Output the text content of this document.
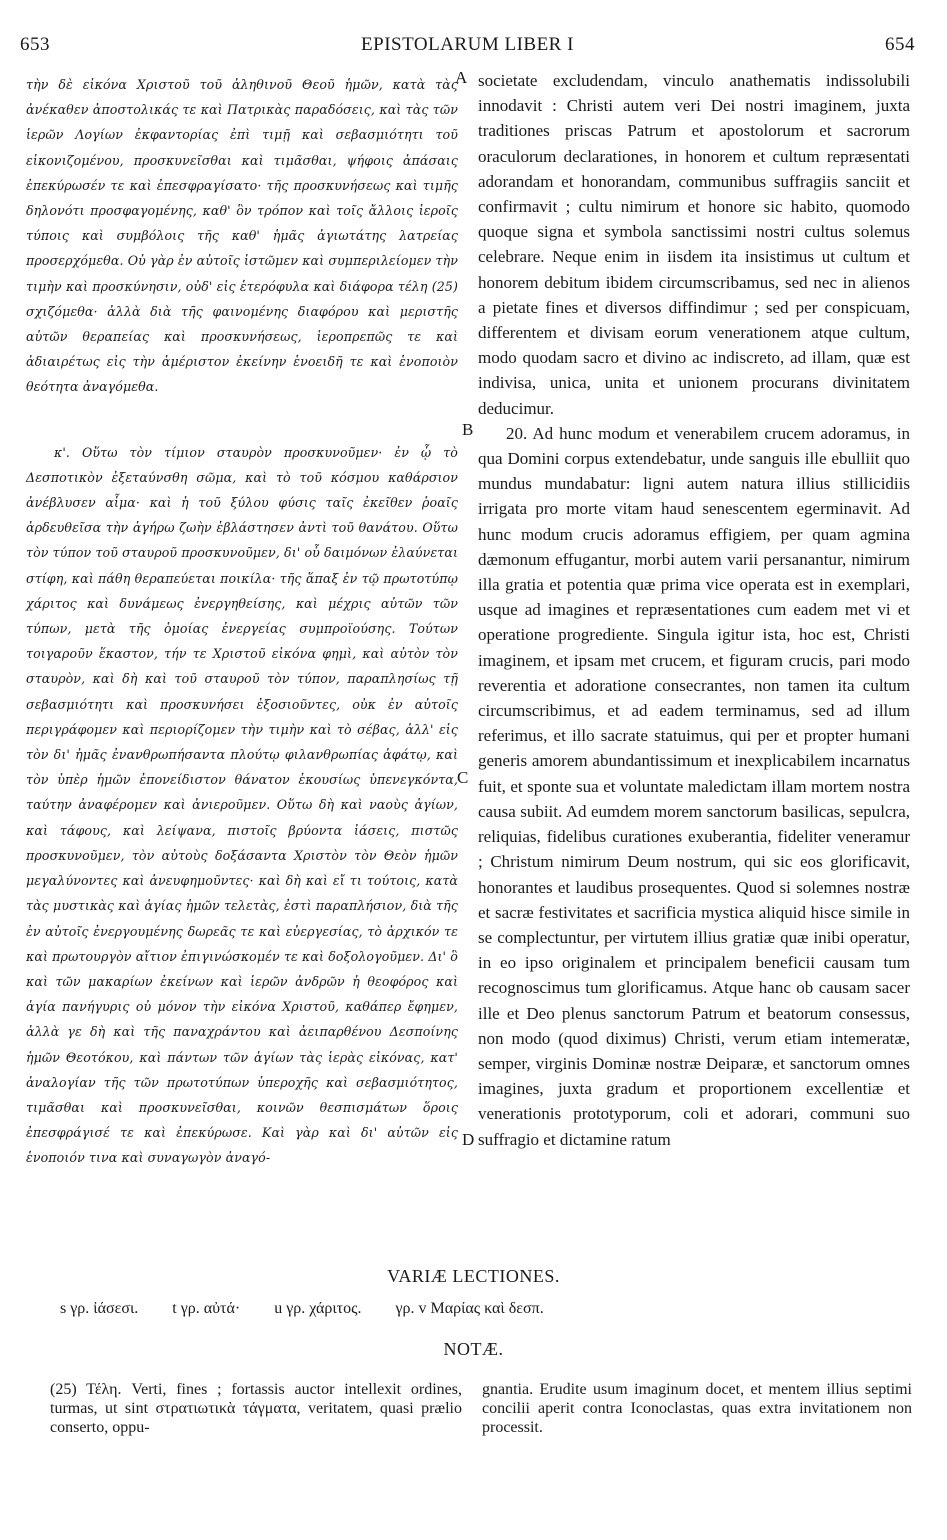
653	EPISTOLARUM LIBER I	654

τὴν δὲ εἰκόνα Χριστοῦ τοῦ ἀληθινοῦ Θεοῦ ἡμῶν, κατὰ τὰς ἀνέκαθεν ἀποστολικάς τε καὶ Πατρικὰς παραδόσεις, καὶ τὰς τῶν ἱερῶν Λογίων ἐκφαντορίας ἐπὶ τιμῇ καὶ σεβασμιότητι τοῦ εἰκονιζομένου, προσκυνεῖσθαι καὶ τιμᾶσθαι, ψήφοις ἁπάσαις ἐπεκύρωσέν τε καὶ ἐπεσφραγίσατο· τῆς προσκυνήσεως καὶ τιμῆς δηλονότι προσφαγομένης, καθ' ὃν τρόπον καὶ τοῖς ἄλλοις ἱεροῖς τύποις καὶ συμβόλοις τῆς καθ' ἡμᾶς ἁγιωτάτης λατρείας προσερχόμεθα. Οὐ γὰρ ἐν αὐτοῖς ἱστῶμεν καὶ συμπεριλείομεν τὴν τιμὴν καὶ προσκύνησιν, οὐδ' εἰς ἑτερόφυλα καὶ διάφορα τέλη (25) σχιζόμεθα· ἀλλὰ διὰ τῆς φαινομένης διαφόρου καὶ μεριστῆς αὐτῶν θεραπείας καὶ προσκυνήσεως, ἱεροπρεπῶς τε καὶ ἀδιαιρέτως εἰς τὴν ἀμέριστον ἐκείνην ἑνοειδῆ τε καὶ ἑνοποιὸν θεότητα ἀναγόμεθα.

κ'. Οὕτω τὸν τίμιον σταυρὸν προσκυνοῦμεν· ἐν ᾧ τὸ Δεσποτικὸν ἐξεταύνσθη σῶμα, καὶ τὸ τοῦ κόσμου καθάρσιον ἀνέβλυσεν αἷμα· καὶ ἡ τοῦ ξύλου φύσις ταῖς ἐκεῖθεν ῥοαῖς ἀρδευθεῖσα τὴν ἀγήρω ζωὴν ἐβλάστησεν ἀντὶ τοῦ θανάτου. Οὕτω τὸν τύπον τοῦ σταυροῦ προσκυνοῦμεν, δι' οὗ δαιμόνων ἐλαύνεται στίφη, καὶ πάθη θεραπεύεται ποικίλα· τῆς ἅπαξ ἐν τῷ πρωτοτύπῳ χάριτος καὶ δυνάμεως ἐνεργηθείσης, καὶ μέχρις αὐτῶν τῶν τύπων, μετὰ τῆς ὁμοίας ἐνεργείας συμπροϊούσης. Τούτων τοιγαροῦν ἕκαστον, τήν τε Χριστοῦ εἰκόνα φημὶ, καὶ αὐτὸν τὸν σταυρὸν, καὶ δὴ καὶ τοῦ σταυροῦ τὸν τύπον, παραπλησίως τῇ σεβασμιότητι καὶ προσκυνήσει ἐξοσιοῦντες, οὐκ ἐν αὐτοῖς περιγράφομεν καὶ περιορίζομεν τὴν τιμὴν καὶ τὸ σέβας, ἀλλ' εἰς τὸν δι' ἡμᾶς ἐνανθρωπήσαντα πλούτῳ φιλανθρωπίας ἀφάτῳ, καὶ τὸν ὑπὲρ ἡμῶν ἐπονείδιστον θάνατον ἑκουσίως ὑπενεγκόντα, ταύτην ἀναφέρομεν καὶ ἀνιεροῦμεν. Οὕτω δὴ καὶ ναοὺς ἁγίων, καὶ τάφους, καὶ λείψανα, πιστοῖς βρύοντα ἰάσεις, πιστῶς προσκυνοῦμεν, τὸν αὐτοὺς δοξάσαντα Χριστὸν τὸν Θεὸν ἡμῶν μεγαλύνοντες καὶ ἀνευφημοῦντες· καὶ δὴ καὶ εἴ τι τούτοις, κατὰ τὰς μυστικὰς καὶ ἁγίας ἡμῶν τελετὰς, ἐστὶ παραπλήσιον, διὰ τῆς ἐν αὐτοῖς ἐνεργουμένης δωρεᾶς τε καὶ εὐεργεσίας, τὸ ἀρχικόν τε καὶ πρωτουργὸν αἴτιον ἐπιγινώσκομέν τε καὶ δοξολογοῦμεν. Δι' ὃ καὶ τῶν μακαρίων ἐκείνων καὶ ἱερῶν ἀνδρῶν ἡ θεοφόρος καὶ ἁγία πανήγυρις οὐ μόνον τὴν εἰκόνα Χριστοῦ, καθάπερ ἔφημεν, ἀλλὰ γε δὴ καὶ τῆς παναχράντου καὶ ἀειπαρθένου Δεσποίνης ἡμῶν Θεοτόκου, καὶ πάντων τῶν ἁγίων τὰς ἱερὰς εἰκόνας, κατ' ἀναλογίαν τῆς τῶν πρωτοτύπων ὑπεροχῆς καὶ σεβασμιότητος, τιμᾶσθαι καὶ προσκυνεῖσθαι, κοινῶν θεσπισμάτων ὅροις ἐπεσφράγισέ τε καὶ ἐπεκύρωσε. Καὶ γὰρ καὶ δι' αὐτῶν εἰς ἑνοποιόν τινα καὶ συναγωγὸν ἀναγό-

A
B
C
D

societate excludendam, vinculo anathematis indissolubili innodavit : Christi autem veri Dei nostri imaginem, juxta traditiones priscas Patrum et apostolorum et sacrorum oraculorum declarationes, in honorem et cultum repræsentati adorandam et honorandam, communibus suffragiis sanciit et confirmavit ; cultu nimirum et honore sic habito, quomodo quoque signa et symbola sanctissimi nostri cultus solemus celebrare. Neque enim in iisdem ita insistimus ut cultum et honorem debitum ibidem circumscribamus, sed nec in alienos a pietate fines et diversos diffindimur ; sed per conspicuam, differentem et divisam eorum venerationem atque cultum, modo quodam sacro et divino ac indiscreto, ad illam, quæ est indivisa, unica, unita et unionem procurans divinitatem deducimur.

20. Ad hunc modum et venerabilem crucem adoramus, in qua Domini corpus extendebatur, unde sanguis ille ebulliit quo mundus mundabatur: ligni autem natura illius stillicidiis irrigata pro morte vitam haud senescentem egerminavit. Ad hunc modum crucis adoramus effigiem, per quam agmina dæmonum effugantur, morbi autem varii persanantur, nimirum illa gratia et potentia quæ prima vice operata est in exemplari, usque ad imagines et repræsentationes cum eadem met vi et operatione progrediente. Singula igitur ista, hoc est, Christi imaginem, et ipsam met crucem, et figuram crucis, pari modo reverentia et adoratione consecrantes, non tamen ita cultum circumscribimus, et ad eadem terminamus, sed ad illum referimus, et illo sacrate statuimus, qui per et propter humani generis amorem abundantissimum et inexplicabilem incarnatus fuit, et sponte sua et voluntate maledictam illam mortem nostra causa subiit. Ad eumdem morem sanctorum basilicas, sepulcra, reliquias, fidelibus curationes exuberantia, fideliter veneramur ; Christum nimirum Deum nostrum, qui sic eos glorificavit, honorantes et laudibus prosequentes. Quod si solemnes nostræ et sacræ festivitates et sacrificia mystica aliquid hisce simile in se complectuntur, per virtutem illius gratiæ quæ inibi operatur, in eo ipso originalem et principalem beneficii causam tum recognoscimus tum glorificamus. Atque hanc ob causam sacer ille et Deo plenus sanctorum Patrum et beatorum consessus, non modo (quod diximus) Christi, verum etiam intemeratæ, semper, virginis Dominæ nostræ Deiparæ, et sanctorum omnes imagines, juxta gradum et proportionem excellentiæ et venerationis prototyporum, coli et adorari, communi suo suffragio et dictamine ratum

VARIÆ LECTIONES.
s γρ. ἰάσεσι. t γρ. αὐτά· u γρ. χάριτος. γρ. v Μαρίας καὶ δεσπ.
NOTÆ.

(25) Τέλη. Verti, fines ; fortassis auctor intellexit ordines, turmas, ut sint στρατιωτικὰ τάγματα, veritatem, quasi prælio conserto, oppu-

gnantia. Erudite usum imaginum docet, et mentem illius septimi concilii aperit contra Iconoclastas, quas extra invitationem non processit.
